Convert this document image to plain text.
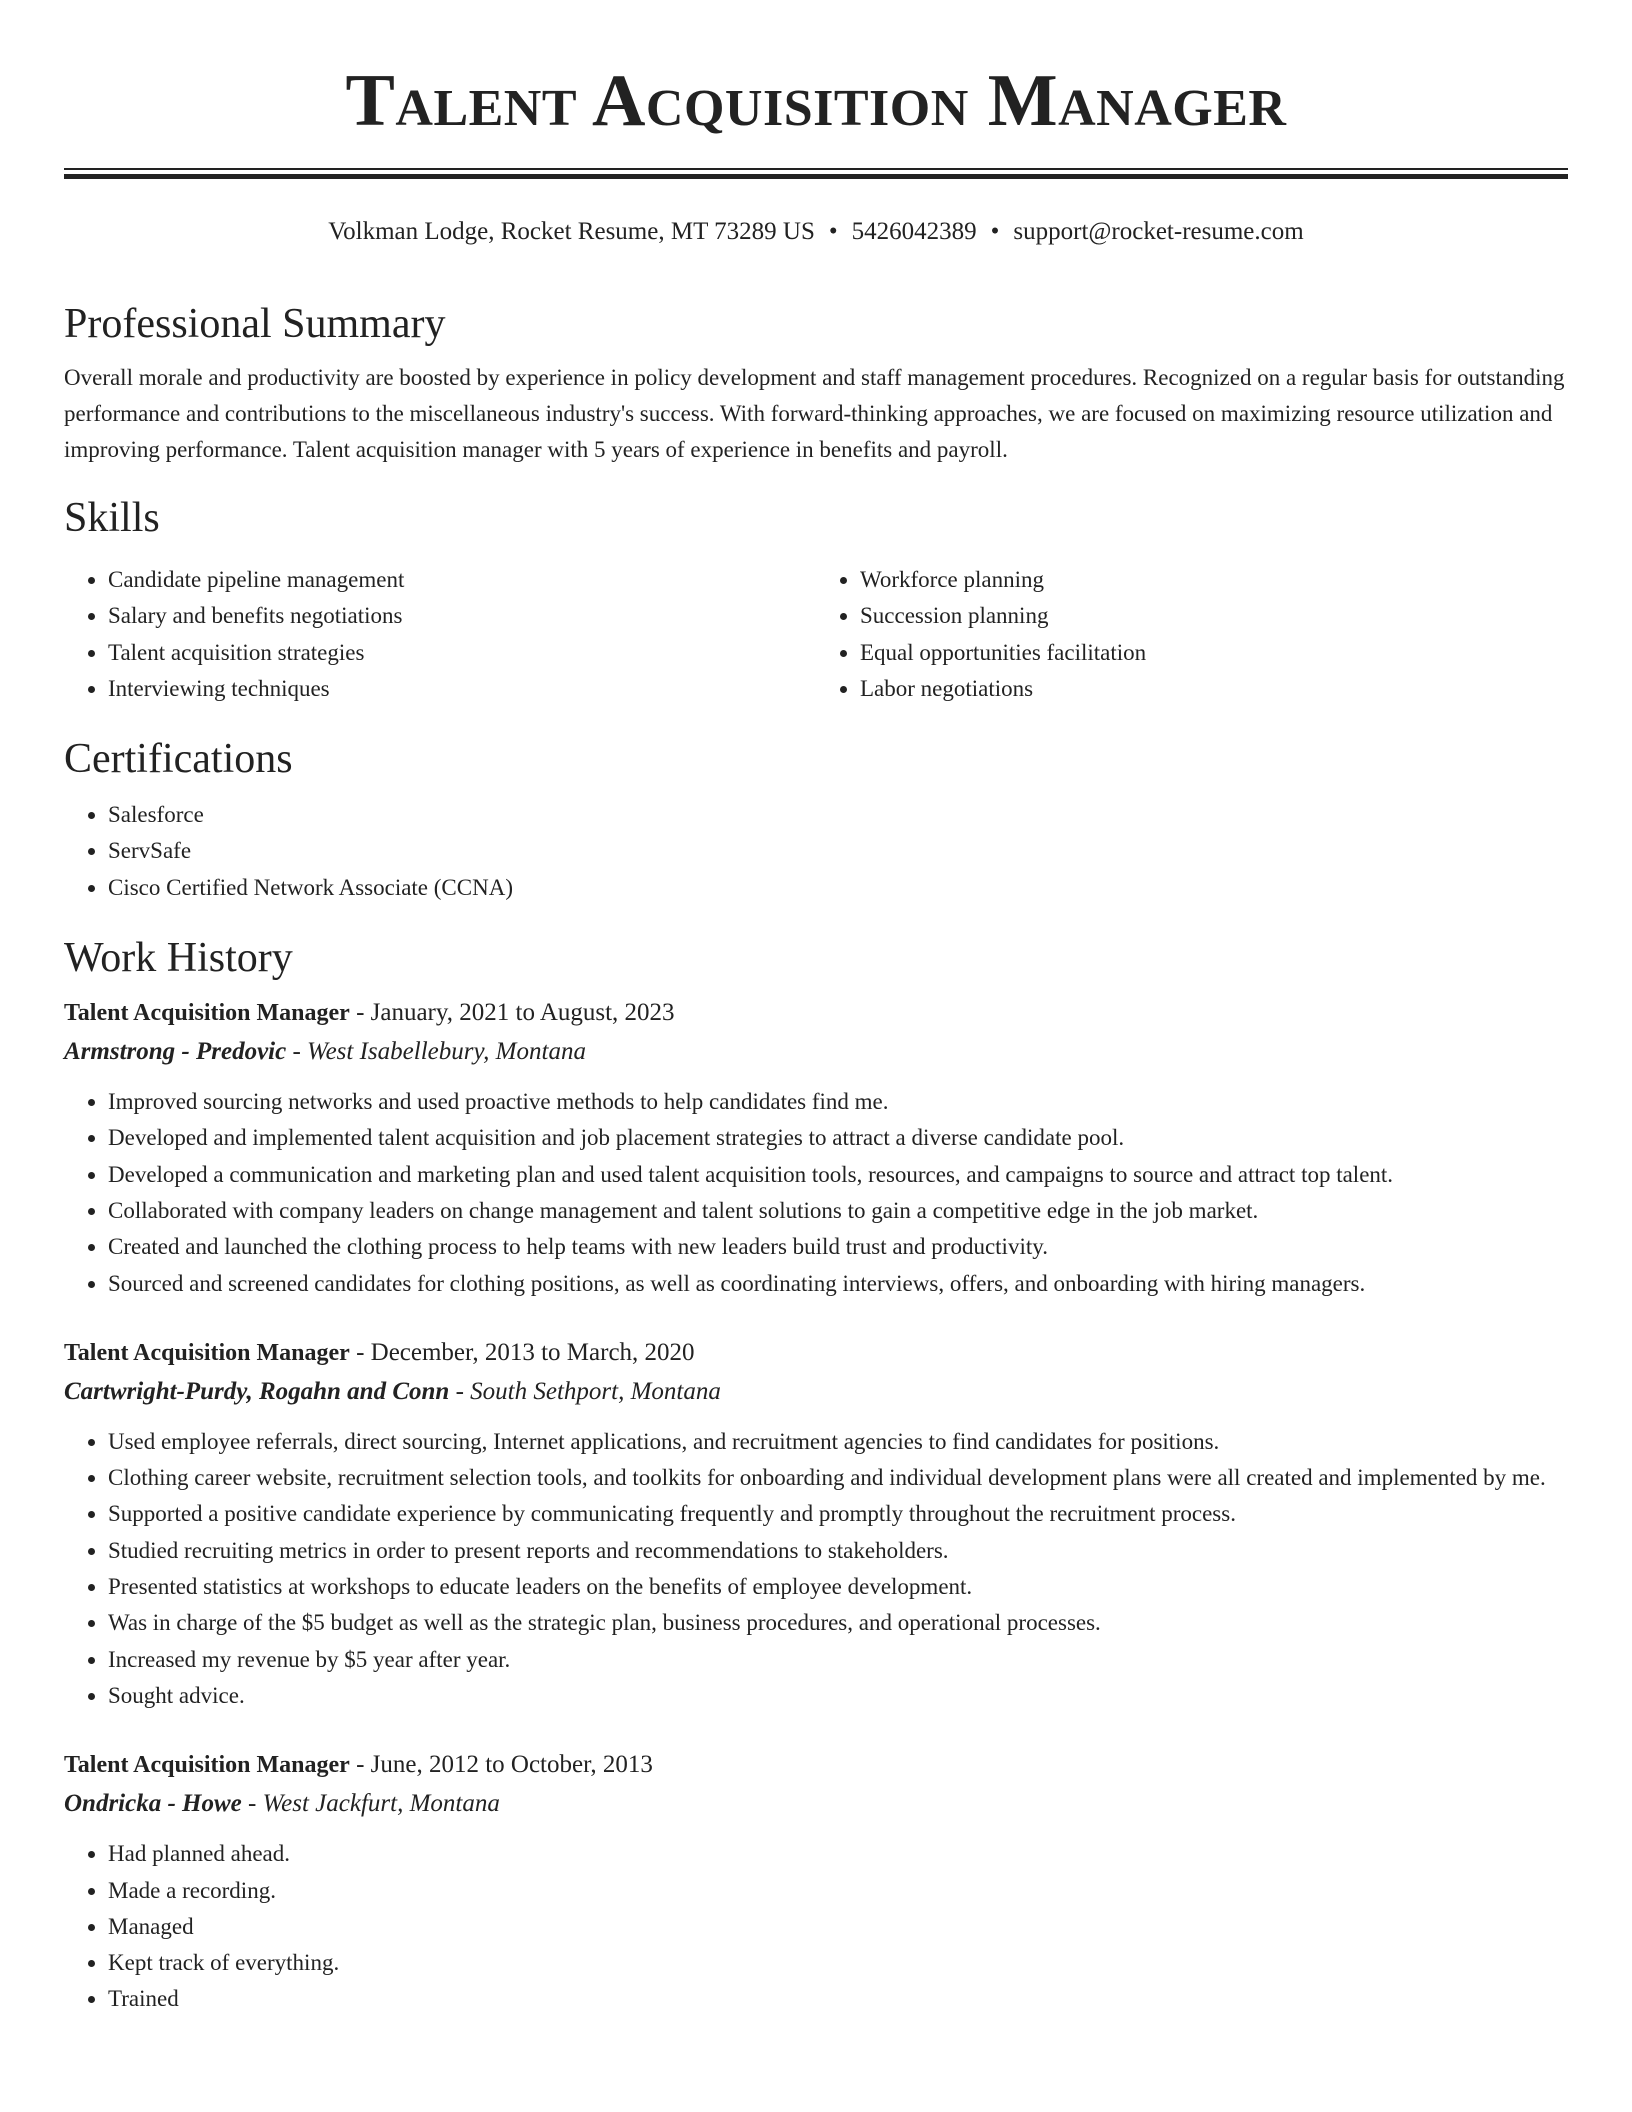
Talent Acquisition Manager
Volkman Lodge, Rocket Resume, MT 73289 US • 5426042389 • support@rocket-resume.com
Professional Summary

Overall morale and productivity are boosted by experience in policy development and staff management procedures. Recognized on a regular basis for outstanding performance and contributions to the miscellaneous industry's success. With forward-thinking approaches, we are focused on maximizing resource utilization and improving performance. Talent acquisition manager with 5 years of experience in benefits and payroll.

Skills
• Candidate pipeline management
• Salary and benefits negotiations
• Talent acquisition strategies
• Interviewing techniques
• Workforce planning
• Succession planning
• Equal opportunities facilitation
• Labor negotiations
Certifications
• Salesforce
• ServSafe
• Cisco Certified Network Associate (CCNA)
Work History
Talent Acquisition Manager - January, 2021 to August, 2023
Armstrong - Predovic - West Isabellebury, Montana
• Improved sourcing networks and used proactive methods to help candidates find me.
• Developed and implemented talent acquisition and job placement strategies to attract a diverse candidate pool.
• Developed a communication and marketing plan and used talent acquisition tools, resources, and campaigns to source and attract top talent.
• Collaborated with company leaders on change management and talent solutions to gain a competitive edge in the job market.
• Created and launched the clothing process to help teams with new leaders build trust and productivity.
• Sourced and screened candidates for clothing positions, as well as coordinating interviews, offers, and onboarding with hiring managers.
Talent Acquisition Manager - December, 2013 to March, 2020
Cartwright-Purdy, Rogahn and Conn - South Sethport, Montana
• Used employee referrals, direct sourcing, Internet applications, and recruitment agencies to find candidates for positions.
• Clothing career website, recruitment selection tools, and toolkits for onboarding and individual development plans were all created and implemented by me.
• Supported a positive candidate experience by communicating frequently and promptly throughout the recruitment process.
• Studied recruiting metrics in order to present reports and recommendations to stakeholders.
• Presented statistics at workshops to educate leaders on the benefits of employee development.
• Was in charge of the $5 budget as well as the strategic plan, business procedures, and operational processes.
• Increased my revenue by $5 year after year.
• Sought advice.
Talent Acquisition Manager - June, 2012 to October, 2013
Ondricka - Howe - West Jackfurt, Montana
• Had planned ahead.
• Made a recording.
• Managed
• Kept track of everything.
• Trained
